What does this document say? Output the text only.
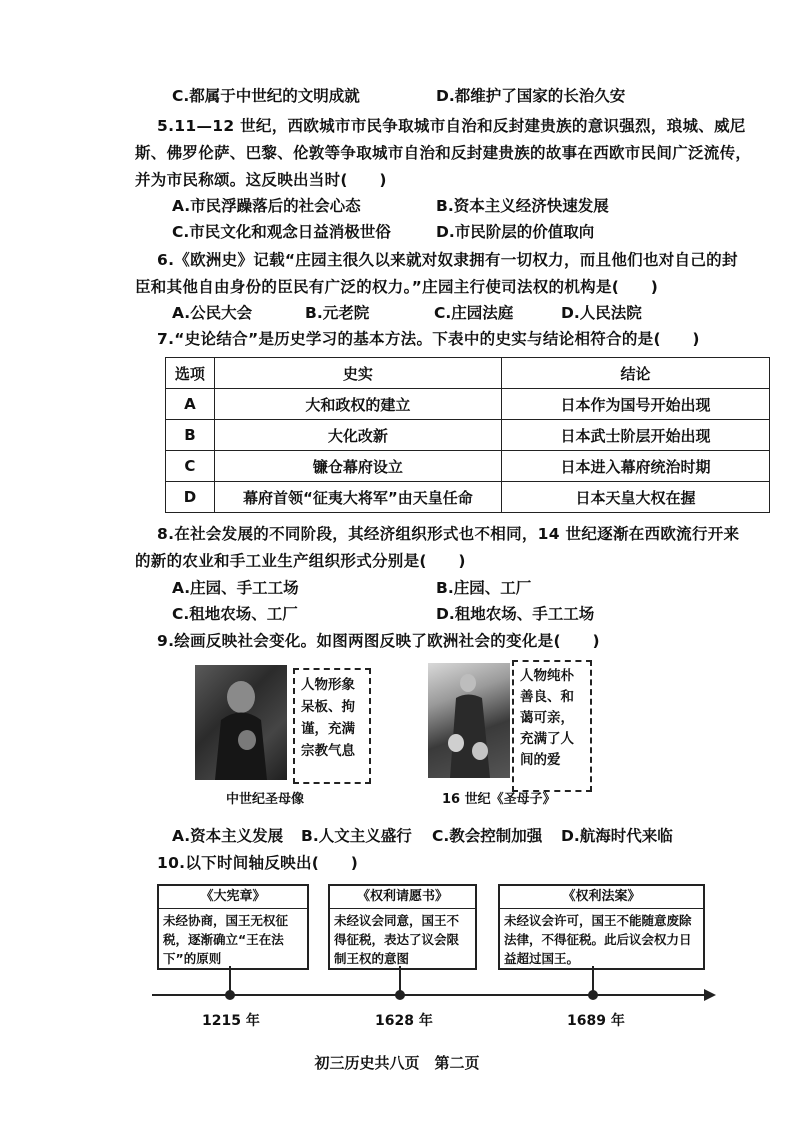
C.都属于中世纪的文明成就	D.都维护了国家的长治久安
5.11—12 世纪，西欧城市市民争取城市自治和反封建贵族的意识强烈，琅城、威尼
斯、佛罗伦萨、巴黎、伦敦等争取城市自治和反封建贵族的故事在西欧市民间广泛流传，
并为市民称颂。这反映出当时(　　)
A.市民浮躁落后的社会心态	B.资本主义经济快速发展
C.市民文化和观念日益消极世俗	D.市民阶层的价值取向
6.《欧洲史》记载“庄园主很久以来就对奴隶拥有一切权力，而且他们也对自己的封
臣和其他自由身份的臣民有广泛的权力。”庄园主行使司法权的机构是(　　)
A.公民大会	B.元老院	C.庄园法庭	D.人民法院
7.“史论结合”是历史学习的基本方法。下表中的史实与结论相符合的是(　　)
选项	史实	结论
A	大和政权的建立	日本作为国号开始出现
B	大化改新	日本武士阶层开始出现
C	镰仓幕府设立	日本进入幕府统治时期
D	幕府首领“征夷大将军”由天皇任命	日本天皇大权在握
8.在社会发展的不同阶段，其经济组织形式也不相同，14 世纪逐渐在西欧流行开来
的新的农业和手工业生产组织形式分别是(　　)
A.庄园、手工工场	B.庄园、工厂
C.租地农场、工厂	D.租地农场、手工工场
9.绘画反映社会变化。如图两图反映了欧洲社会的变化是(　　)
人物形象
呆板、拘
谨，充满
宗教气息
中世纪圣母像
人物纯朴
善良、和
蔼可亲，
充满了人
间的爱
16 世纪《圣母子》
A.资本主义发展 B.人文主义盛行 C.教会控制加强 D.航海时代来临
10.以下时间轴反映出(　　)
《大宪章》
未经协商，国王无权征税，逐渐确立“王在法下”的原则
《权利请愿书》
未经议会同意，国王不得征税，表达了议会限制王权的意图
《权利法案》
未经议会许可，国王不能随意废除法律，不得征税。此后议会权力日益超过国王。
1215 年	1628 年	1689 年
初三历史共八页　第二页
